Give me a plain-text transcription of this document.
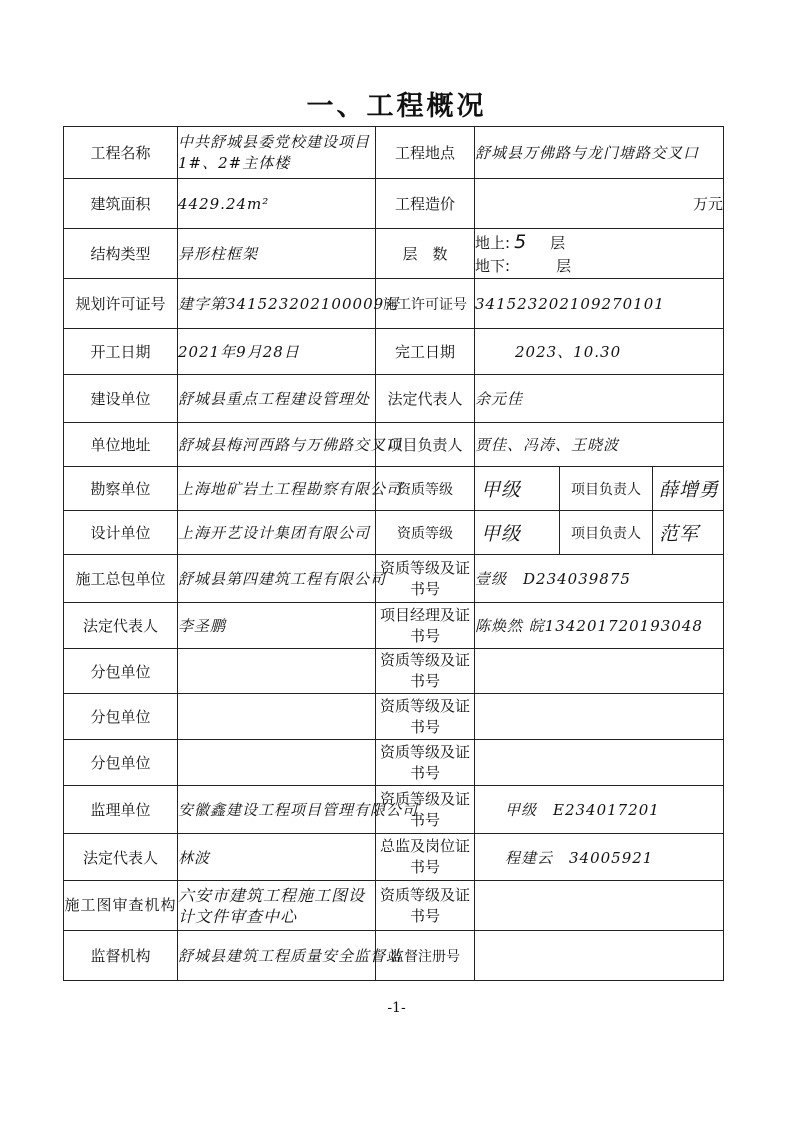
一、工程概况
工程名称	中共舒城县委党校建设项目1#、2#主体楼	工程地点	舒城县万佛路与龙门塘路交叉口
建筑面积	4429.24m²	工程造价	万元
结构类型	异形柱框架	层　数	地上: 5 层
地下: 层

规划许可证号	建字第341523202100009号	施工许可证号	341523202109270101
开工日期	2021年9月28日	完工日期	2023、10.30
建设单位	舒城县重点工程建设管理处	法定代表人	余元佳
单位地址	舒城县梅河西路与万佛路交叉口	项目负责人	贾佳、冯涛、王晓波
勘察单位	上海地矿岩土工程勘察有限公司	资质等级	甲级 项目负责人 薛增勇

设计单位	上海开艺设计集团有限公司	资质等级	甲级 项目负责人 范军

施工总包单位	舒城县第四建筑工程有限公司	资质等级及证书号	壹级　D234039875
法定代表人	李圣鹏	项目经理及证书号	陈焕然 皖134201720193048
分包单位		资质等级及证书号	
分包单位		资质等级及证书号	
分包单位		资质等级及证书号	
监理单位	安徽鑫建设工程项目管理有限公司	资质等级及证书号	甲级　E234017201
法定代表人	林波	总监及岗位证书号	程建云　34005921
施工图审查机构	六安市建筑工程施工图设计文件审查中心	资质等级及证书号	
监督机构	舒城县建筑工程质量安全监督站	监督注册号	
-1-
